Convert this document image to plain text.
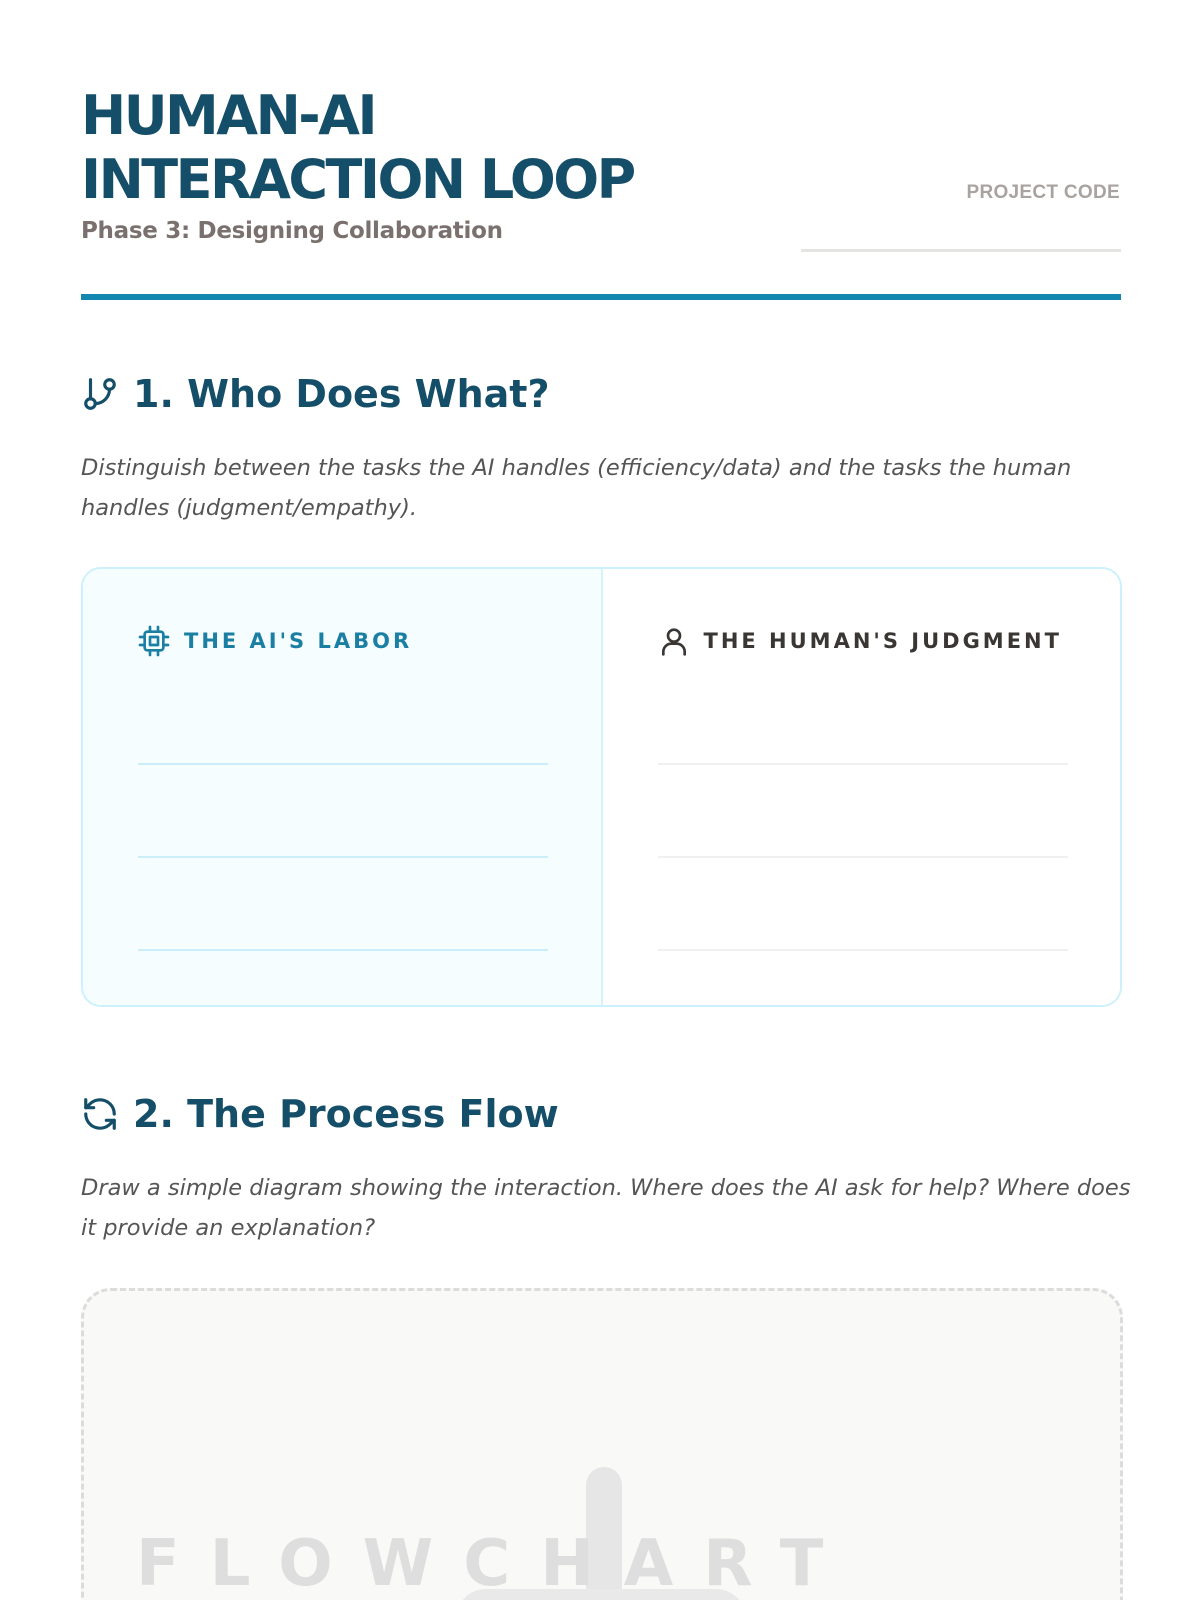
HUMAN-AI
INTERACTION LOOP
Phase 3: Designing Collaboration
PROJECT CODE
1. Who Does What?

Distinguish between the tasks the AI handles (efficiency/data) and the tasks the human handles (judgment/empathy).

THE AI'S LABOR	THE HUMAN'S JUDGMENT
2. The Process Flow

Draw a simple diagram showing the interaction. Where does the AI ask for help? Where does it provide an explanation?

FLOWCHART
